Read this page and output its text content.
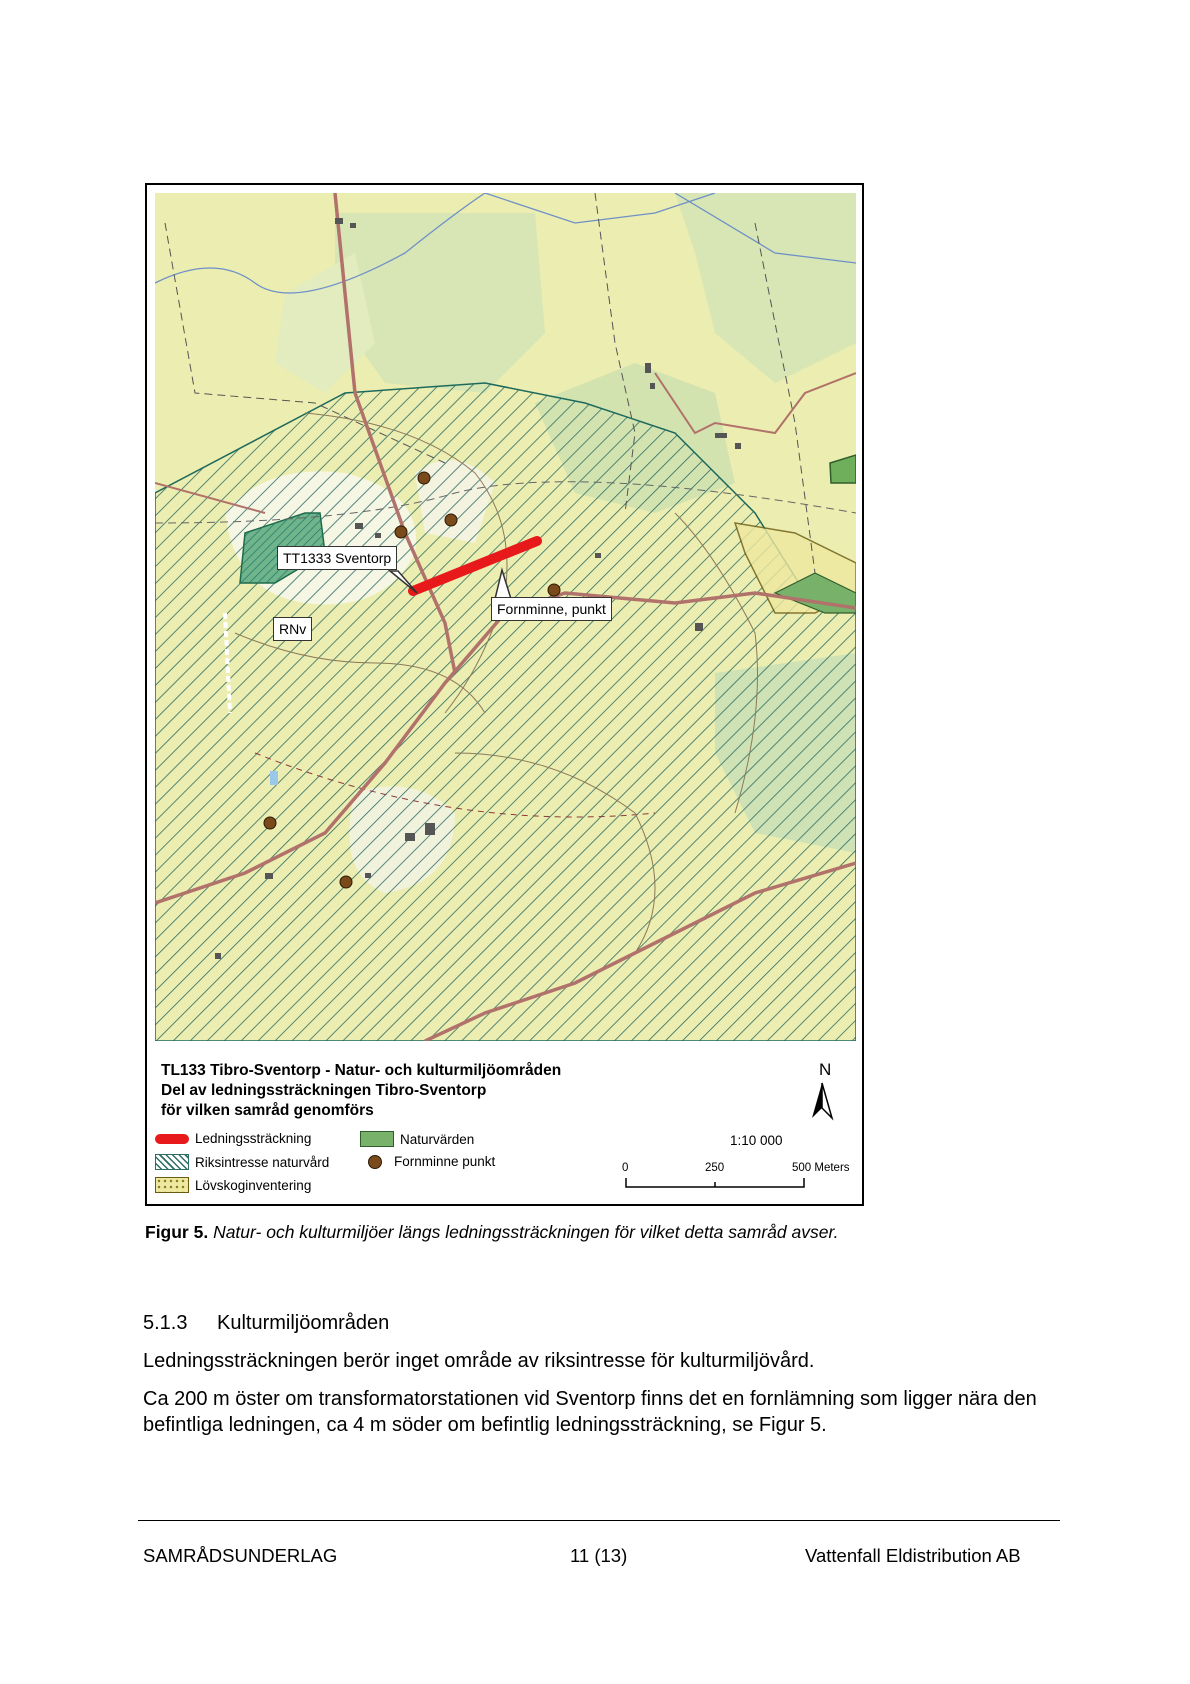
TT1333 Sventorp
RNv
Fornminne, punkt
TL133 Tibro-Sventorp - Natur- och kulturmiljöområden
Del av ledningssträckningen Tibro-Sventorp
för vilken samråd genomförs
Ledningssträckning
Riksintresse naturvård
Lövskoginventering
Naturvärden
Fornminne punkt
N
1:10 000
0	250	500 Meters
Figur 5. Natur- och kulturmiljöer längs ledningssträckningen för vilket detta samråd avser.
5.1.3 Kulturmiljöområden
Ledningssträckningen berör inget område av riksintresse för kulturmiljövård.
Ca 200 m öster om transformatorstationen vid Sventorp finns det en fornlämning som ligger nära den befintliga ledningen, ca 4 m söder om befintlig ledningssträckning, se Figur 5.
SAMRÅDSUNDERLAG	11 (13)	Vattenfall Eldistribution AB
